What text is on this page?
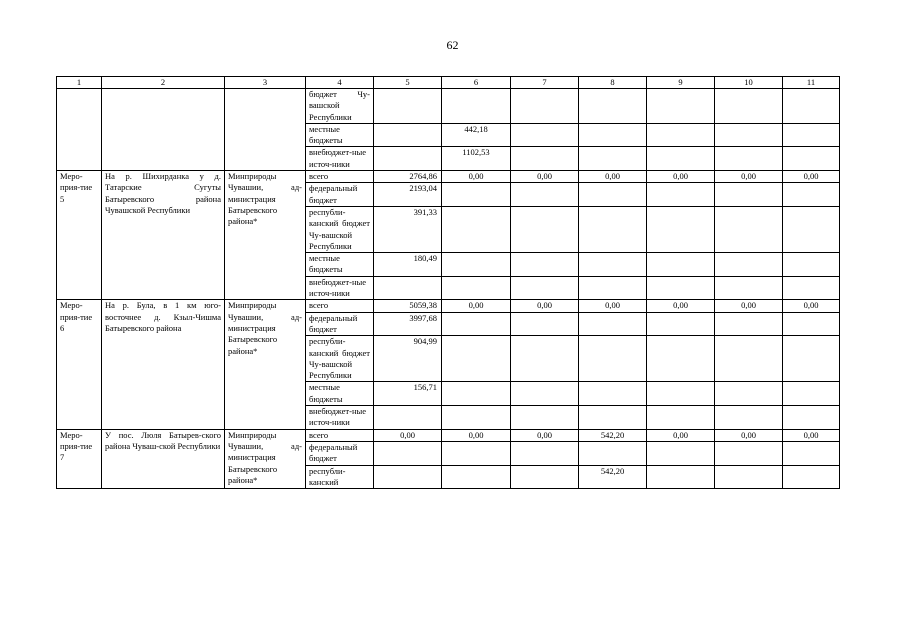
62
1	2	3	4	5	6	7	8	9	10	11
			бюджет Чу-вашской Республики							
			местные бюджеты		442,18					
			внебюджет-ные источ-ники		1102,53					
Меро-прия-тие 5	На р. Шихирданка у д. Татарские Сугуты Батыревского района Чувашской Республики	Минприроды Чувашии, ад-министрация Батыревского района*	всего	2764,86	0,00	0,00	0,00	0,00	0,00	0,00
			федеральный бюджет	2193,04						
			республи-канский бюджет Чу-вашской Республики	391,33						
			местные бюджеты	180,49						
			внебюджет-ные источ-ники							
Меро-прия-тие 6	На р. Була, в 1 км юго-восточнее д. Кзыл-Чишма Батыревского района	Минприроды Чувашии, ад-министрация Батыревского района*	всего	5059,38	0,00	0,00	0,00	0,00	0,00	0,00
			федеральный бюджет	3997,68						
			республи-канский бюджет Чу-вашской Республики	904,99						
			местные бюджеты	156,71						
			внебюджет-ные источ-ники							
Меро-прия-тие 7	У пос. Люля Батырев-ского района Чуваш-ской Республики	Минприроды Чувашии, ад-министрация Батыревского района*	всего	0,00	0,00	0,00	542,20	0,00	0,00	0,00
			федеральный бюджет							
			республи-канский				542,20			
